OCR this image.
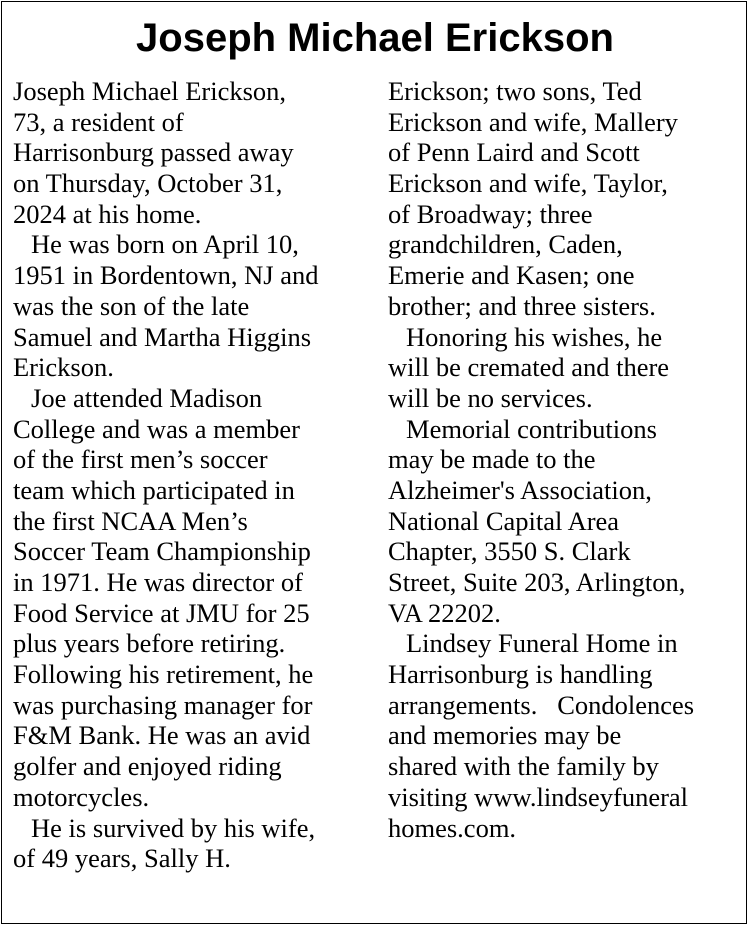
Joseph Michael Erickson
Joseph Michael Erickson,
73, a resident of
Harrisonburg passed away
on Thursday, October 31,
2024 at his home.
He was born on April 10,
1951 in Bordentown, NJ and
was the son of the late
Samuel and Martha Higgins
Erickson.
Joe attended Madison
College and was a member
of the first men’s soccer
team which participated in
the first NCAA Men’s
Soccer Team Championship
in 1971. He was director of
Food Service at JMU for 25
plus years before retiring.
Following his retirement, he
was purchasing manager for
F&M Bank. He was an avid
golfer and enjoyed riding
motorcycles.
He is survived by his wife,
of 49 years, Sally H.
Erickson; two sons, Ted
Erickson and wife, Mallery
of Penn Laird and Scott
Erickson and wife, Taylor,
of Broadway; three
grandchildren, Caden,
Emerie and Kasen; one
brother; and three sisters.
Honoring his wishes, he
will be cremated and there
will be no services.
Memorial contributions
may be made to the
Alzheimer's Association,
National Capital Area
Chapter, 3550 S. Clark
Street, Suite 203, Arlington,
VA 22202.
Lindsey Funeral Home in
Harrisonburg is handling
arrangements.   Condolences
and memories may be
shared with the family by
visiting www.lindseyfuneral
homes.com.
